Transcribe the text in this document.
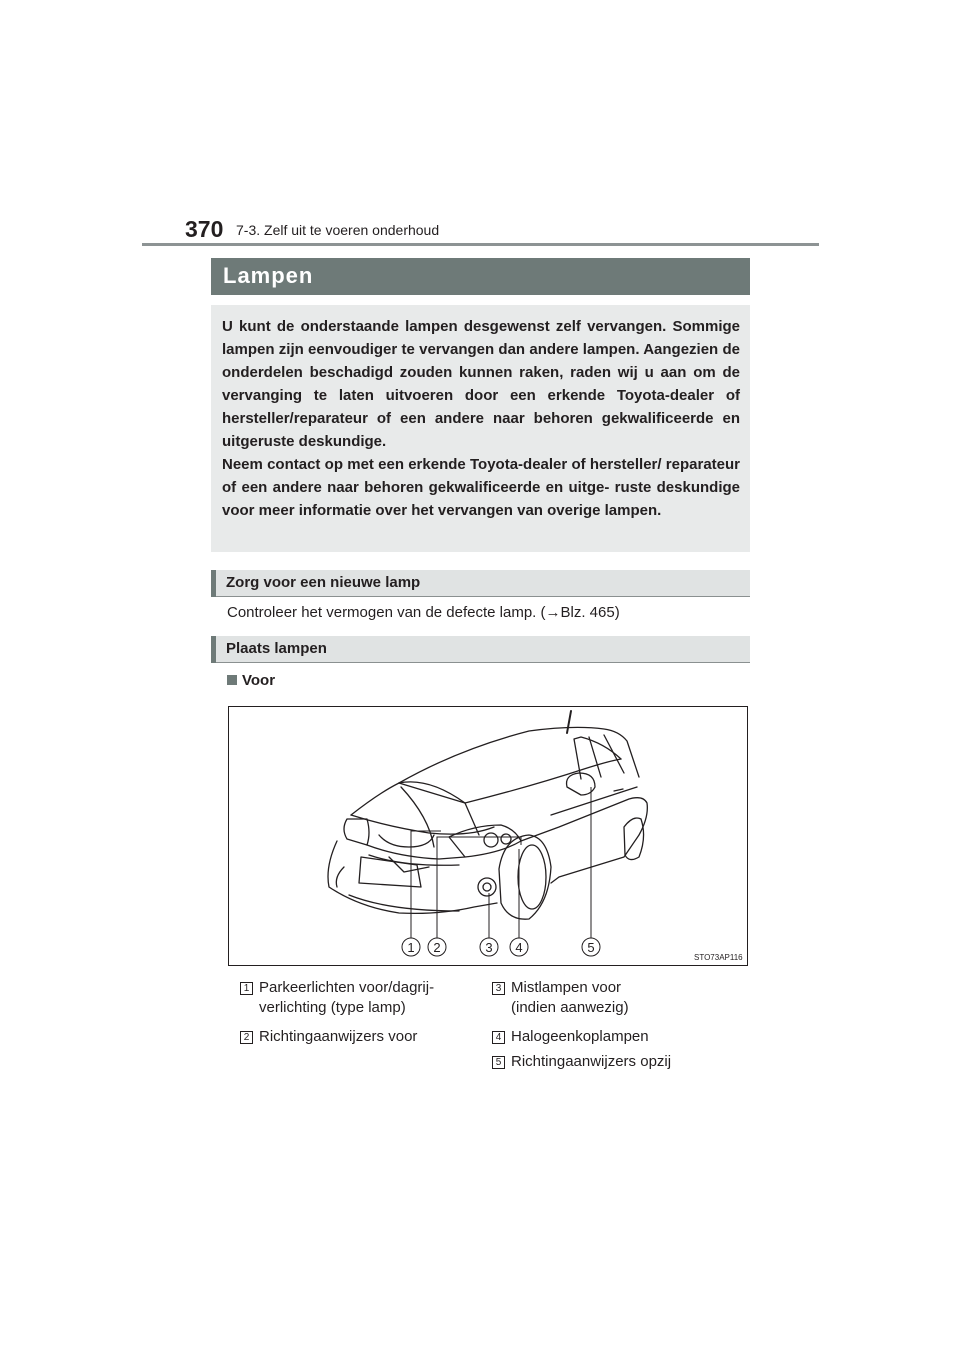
370 7-3. Zelf uit te voeren onderhoud
Lampen

U kunt de onderstaande lampen desgewenst zelf vervangen. Sommige lampen zijn eenvoudiger te vervangen dan andere lampen. Aangezien de onderdelen beschadigd zouden kunnen raken, raden wij u aan om de vervanging te laten uitvoeren door een erkende Toyota-dealer of hersteller/reparateur of een andere naar behoren gekwalificeerde en uitgeruste deskundige.

Neem contact op met een erkende Toyota-dealer of hersteller/ reparateur of een andere naar behoren gekwalificeerde en uitge- ruste deskundige voor meer informatie over het vervangen van overige lampen.

Zorg voor een nieuwe lamp
Controleer het vermogen van de defecte lamp. (→Blz. 465)
Plaats lampen
Voor
1 2	3 4	5
STO73AP116
1 Parkeerlichten voor/dagrij-
verlichting (type lamp)
2 Richtingaanwijzers voor
3 Mistlampen voor
(indien aanwezig)
4 Halogeenkoplampen
5 Richtingaanwijzers opzij
